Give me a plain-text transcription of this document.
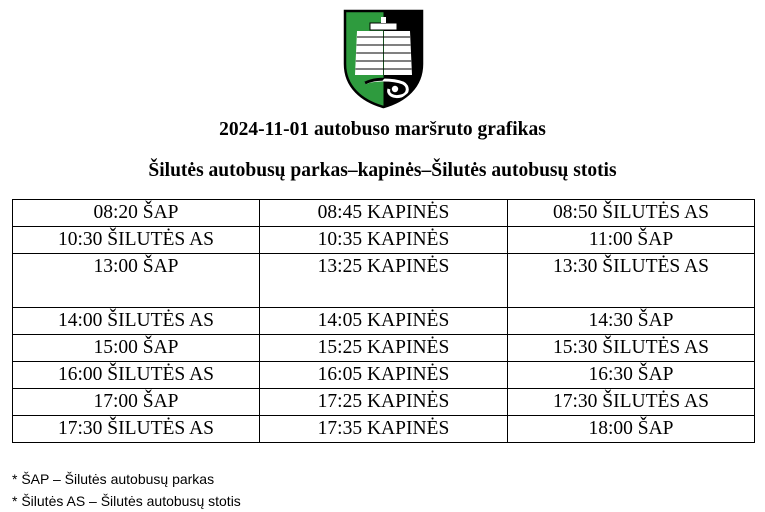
2024-11-01 autobuso maršruto grafikas
Šilutės autobusų parkas–kapinės–Šilutės autobusų stotis
08:20 ŠAP	08:45 KAPINĖS	08:50 ŠILUTĖS AS
10:30 ŠILUTĖS AS	10:35 KAPINĖS	11:00 ŠAP
13:00 ŠAP	13:25 KAPINĖS	13:30 ŠILUTĖS AS
14:00 ŠILUTĖS AS	14:05 KAPINĖS	14:30 ŠAP
15:00 ŠAP	15:25 KAPINĖS	15:30 ŠILUTĖS AS
16:00 ŠILUTĖS AS	16:05 KAPINĖS	16:30 ŠAP
17:00 ŠAP	17:25 KAPINĖS	17:30 ŠILUTĖS AS
17:30 ŠILUTĖS AS	17:35 KAPINĖS	18:00 ŠAP
* ŠAP – Šilutės autobusų parkas
* Šilutės AS – Šilutės autobusų stotis
